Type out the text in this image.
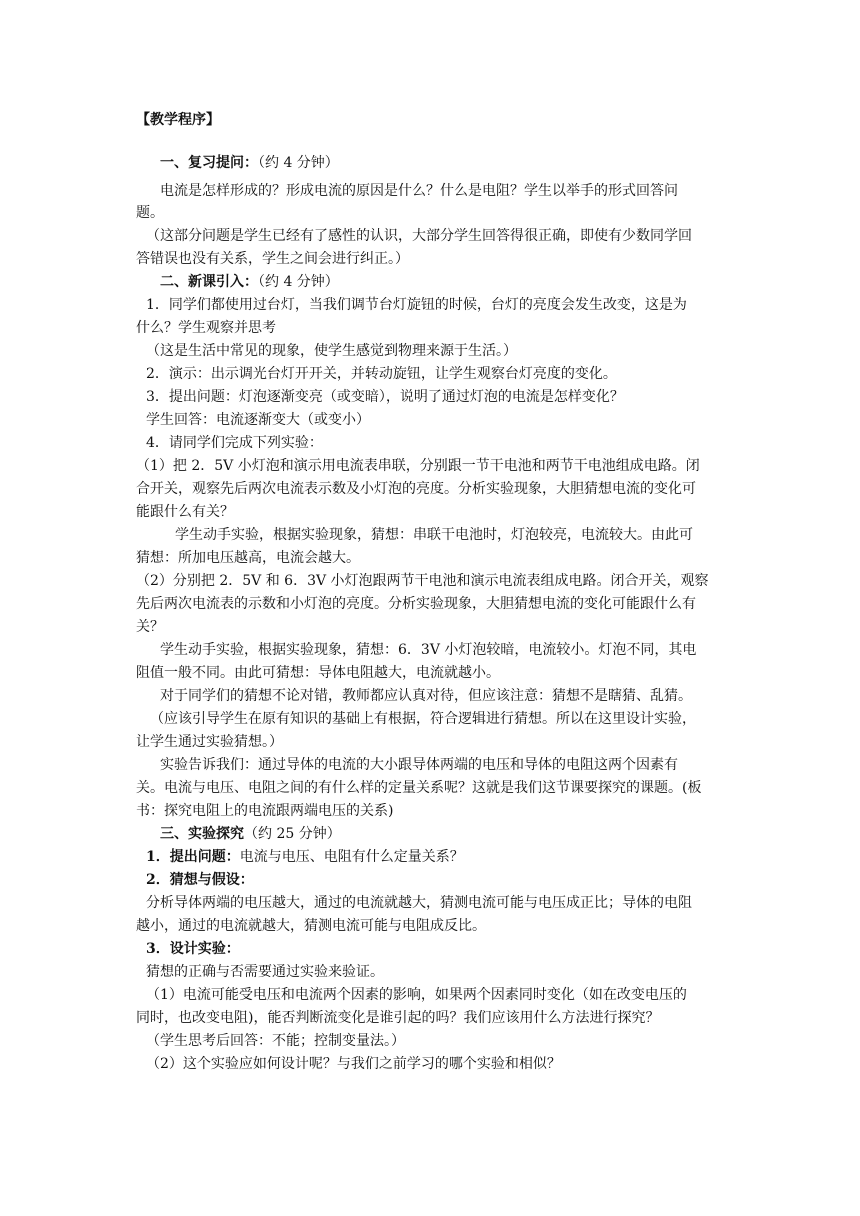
【教学程序】
一、复习提问：（约 4 分钟）
电流是怎样形成的？形成电流的原因是什么？什么是电阻？学生以举手的形式回答问
题。
（这部分问题是学生已经有了感性的认识，大部分学生回答得很正确，即使有少数同学回
答错误也没有关系，学生之间会进行纠正。）
二、新课引入：（约 4 分钟）
1．同学们都使用过台灯，当我们调节台灯旋钮的时候，台灯的亮度会发生改变，这是为
什么？学生观察并思考
（这是生活中常见的现象，使学生感觉到物理来源于生活。）
2．演示：出示调光台灯开开关，并转动旋钮，让学生观察台灯亮度的变化。
3．提出问题：灯泡逐渐变亮（或变暗），说明了通过灯泡的电流是怎样变化？
学生回答：电流逐渐变大（或变小）
4．请同学们完成下列实验：
（1）把 2．5V 小灯泡和演示用电流表串联，分别跟一节干电池和两节干电池组成电路。闭
合开关，观察先后两次电流表示数及小灯泡的亮度。分析实验现象，大胆猜想电流的变化可
能跟什么有关？
学生动手实验，根据实验现象，猜想：串联干电池时，灯泡较亮，电流较大。由此可
猜想：所加电压越高，电流会越大。
（2）分别把 2．5V 和 6．3V 小灯泡跟两节干电池和演示电流表组成电路。闭合开关，观察
先后两次电流表的示数和小灯泡的亮度。分析实验现象，大胆猜想电流的变化可能跟什么有
关？
学生动手实验，根据实验现象，猜想：6．3V 小灯泡较暗，电流较小。灯泡不同，其电
阻值一般不同。由此可猜想：导体电阻越大，电流就越小。
对于同学们的猜想不论对错，教师都应认真对待，但应该注意：猜想不是瞎猜、乱猜。
（应该引导学生在原有知识的基础上有根据，符合逻辑进行猜想。所以在这里设计实验，
让学生通过实验猜想。）
实验告诉我们：通过导体的电流的大小跟导体两端的电压和导体的电阻这两个因素有
关。电流与电压、电阻之间的有什么样的定量关系呢？这就是我们这节课要探究的课题。(板
书：探究电阻上的电流跟两端电压的关系)
三、实验探究（约 25 分钟）
1．提出问题：电流与电压、电阻有什么定量关系？
2．猜想与假设：
分析导体两端的电压越大，通过的电流就越大，猜测电流可能与电压成正比；导体的电阻
越小，通过的电流就越大，猜测电流可能与电阻成反比。
3．设计实验：
猜想的正确与否需要通过实验来验证。
（1）电流可能受电压和电流两个因素的影响，如果两个因素同时变化（如在改变电压的
同时，也改变电阻)，能否判断流变化是谁引起的吗？我们应该用什么方法进行探究？
（学生思考后回答：不能；控制变量法。）
（2）这个实验应如何设计呢？与我们之前学习的哪个实验和相似？
